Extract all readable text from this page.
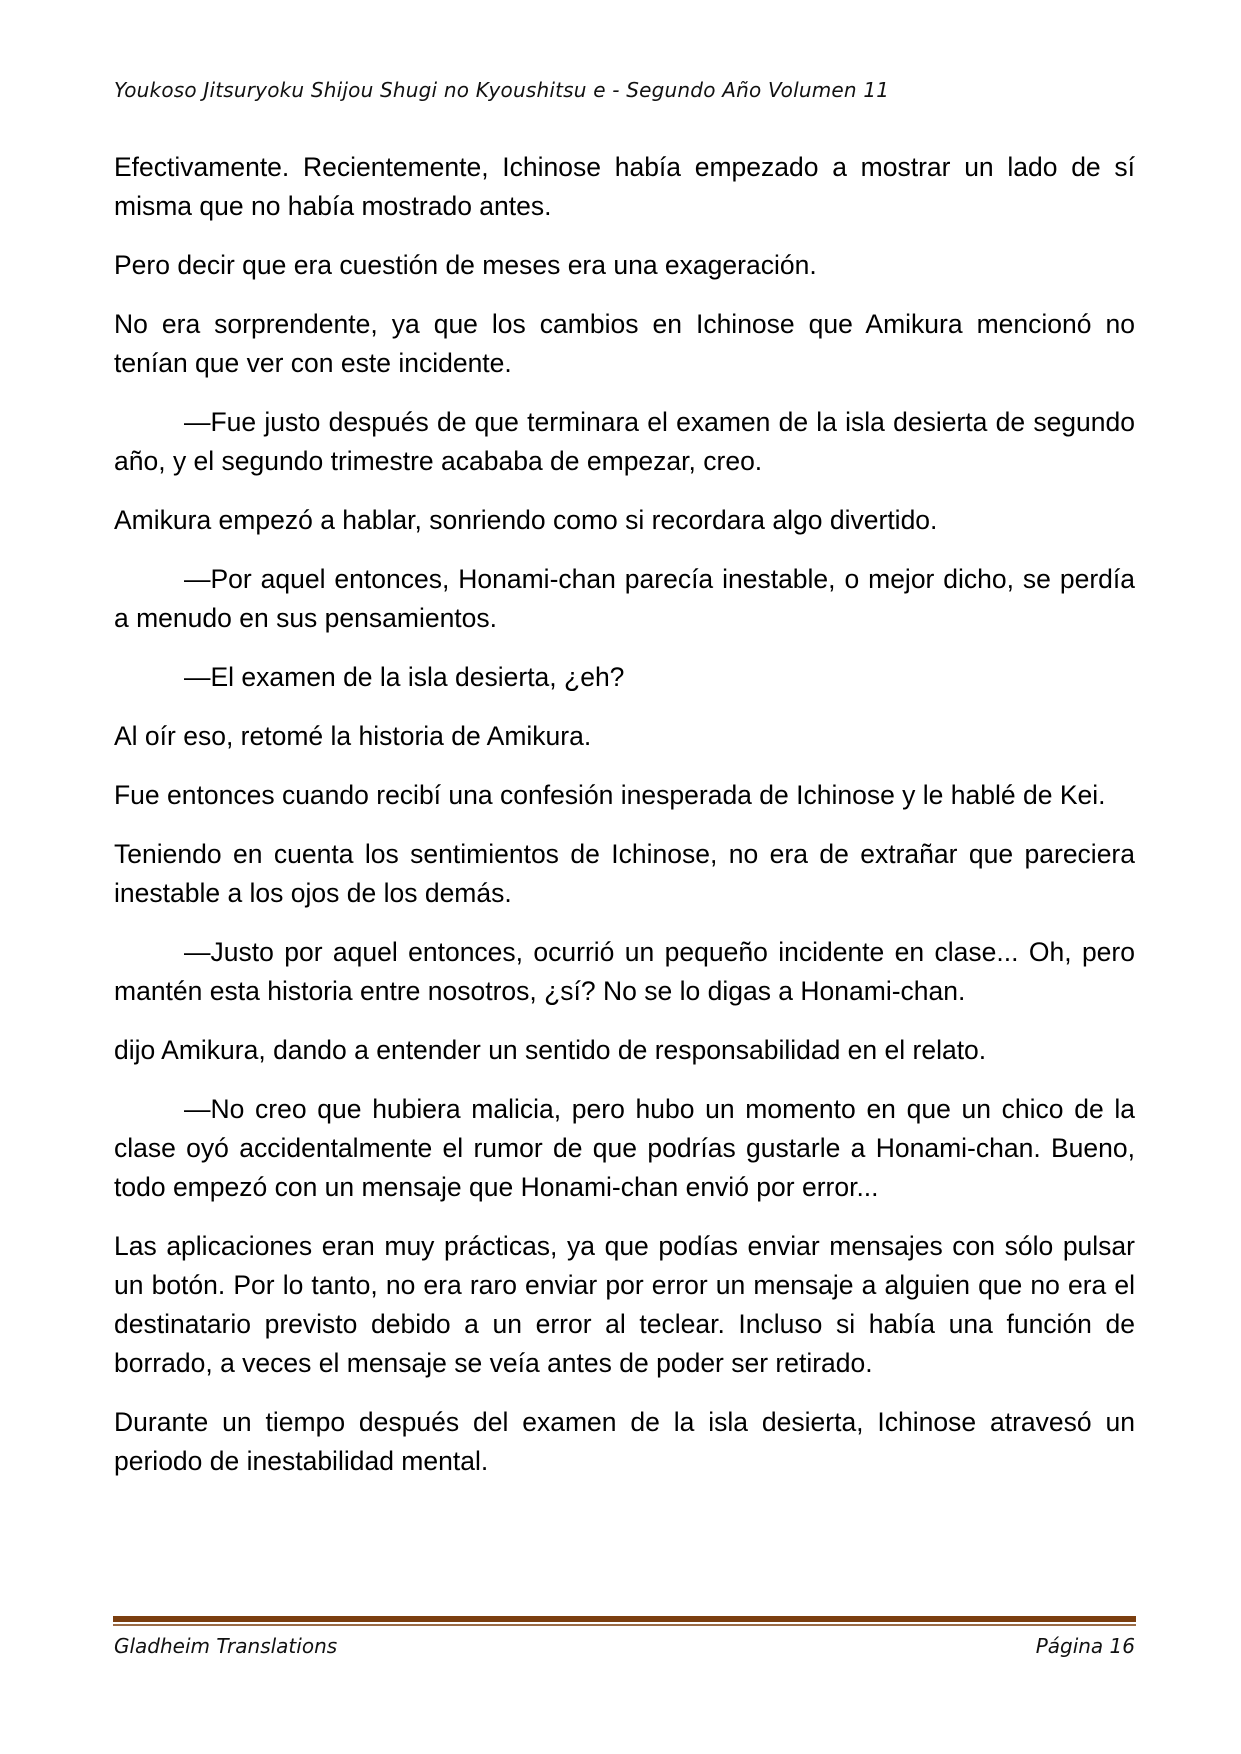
Youkoso Jitsuryoku Shijou Shugi no Kyoushitsu e - Segundo Año Volumen 11

Efectivamente. Recientemente, Ichinose había empezado a mostrar un lado de sí misma que no había mostrado antes.

Pero decir que era cuestión de meses era una exageración.

No era sorprendente, ya que los cambios en Ichinose que Amikura mencionó no tenían que ver con este incidente.

—Fue justo después de que terminara el examen de la isla desierta de segundo año, y el segundo trimestre acababa de empezar, creo.

Amikura empezó a hablar, sonriendo como si recordara algo divertido.

—Por aquel entonces, Honami-chan parecía inestable, o mejor dicho, se perdía a menudo en sus pensamientos.

—El examen de la isla desierta, ¿eh?

Al oír eso, retomé la historia de Amikura.

Fue entonces cuando recibí una confesión inesperada de Ichinose y le hablé de Kei.

Teniendo en cuenta los sentimientos de Ichinose, no era de extrañar que pareciera inestable a los ojos de los demás.

—Justo por aquel entonces, ocurrió un pequeño incidente en clase... Oh, pero mantén esta historia entre nosotros, ¿sí? No se lo digas a Honami-chan.

dijo Amikura, dando a entender un sentido de responsabilidad en el relato.

—No creo que hubiera malicia, pero hubo un momento en que un chico de la clase oyó accidentalmente el rumor de que podrías gustarle a Honami-chan. Bueno, todo empezó con un mensaje que Honami-chan envió por error...

Las aplicaciones eran muy prácticas, ya que podías enviar mensajes con sólo pulsar un botón. Por lo tanto, no era raro enviar por error un mensaje a alguien que no era el destinatario previsto debido a un error al teclear. Incluso si había una función de borrado, a veces el mensaje se veía antes de poder ser retirado.

Durante un tiempo después del examen de la isla desierta, Ichinose atravesó un periodo de inestabilidad mental.

Gladheim Translations	Página 16
